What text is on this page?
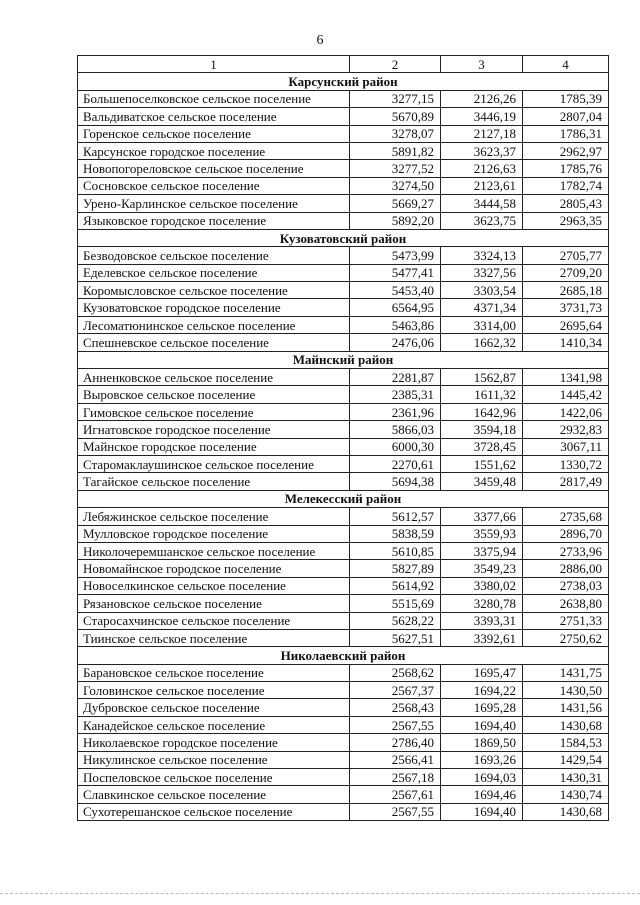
6
1	2	3	4
Карсунский район			
Большепоселковское сельское поселение	3277,15	2126,26	1785,39
Вальдиватское сельское поселение	5670,89	3446,19	2807,04
Горенское сельское поселение	3278,07	2127,18	1786,31
Карсунское городское поселение	5891,82	3623,37	2962,97
Новопогореловское сельское поселение	3277,52	2126,63	1785,76
Сосновское сельское поселение	3274,50	2123,61	1782,74
Урено-Карлинское сельское поселение	5669,27	3444,58	2805,43
Языковское городское поселение	5892,20	3623,75	2963,35
Кузоватовский район			
Безводовское сельское поселение	5473,99	3324,13	2705,77
Еделевское сельское поселение	5477,41	3327,56	2709,20
Коромысловское сельское поселение	5453,40	3303,54	2685,18
Кузоватовское городское поселение	6564,95	4371,34	3731,73
Лесоматюнинское сельское поселение	5463,86	3314,00	2695,64
Спешневское сельское поселение	2476,06	1662,32	1410,34
Майнский район			
Анненковское сельское поселение	2281,87	1562,87	1341,98
Выровское сельское поселение	2385,31	1611,32	1445,42
Гимовское сельское поселение	2361,96	1642,96	1422,06
Игнатовское городское поселение	5866,03	3594,18	2932,83
Майнское городское поселение	6000,30	3728,45	3067,11
Старомаклаушинское сельское поселение	2270,61	1551,62	1330,72
Тагайское сельское поселение	5694,38	3459,48	2817,49
Мелекесский район			
Лебяжинское сельское поселение	5612,57	3377,66	2735,68
Мулловское городское поселение	5838,59	3559,93	2896,70
Николочеремшанское сельское поселение	5610,85	3375,94	2733,96
Новомайнское городское поселение	5827,89	3549,23	2886,00
Новоселкинское сельское поселение	5614,92	3380,02	2738,03
Рязановское сельское поселение	5515,69	3280,78	2638,80
Старосахчинское сельское поселение	5628,22	3393,31	2751,33
Тиинское сельское поселение	5627,51	3392,61	2750,62
Николаевский район			
Барановское сельское поселение	2568,62	1695,47	1431,75
Головинское сельское поселение	2567,37	1694,22	1430,50
Дубровское сельское поселение	2568,43	1695,28	1431,56
Канадейское сельское поселение	2567,55	1694,40	1430,68
Николаевское городское поселение	2786,40	1869,50	1584,53
Никулинское сельское поселение	2566,41	1693,26	1429,54
Поспеловское сельское поселение	2567,18	1694,03	1430,31
Славкинское сельское поселение	2567,61	1694,46	1430,74
Сухотерешанское сельское поселение	2567,55	1694,40	1430,68
